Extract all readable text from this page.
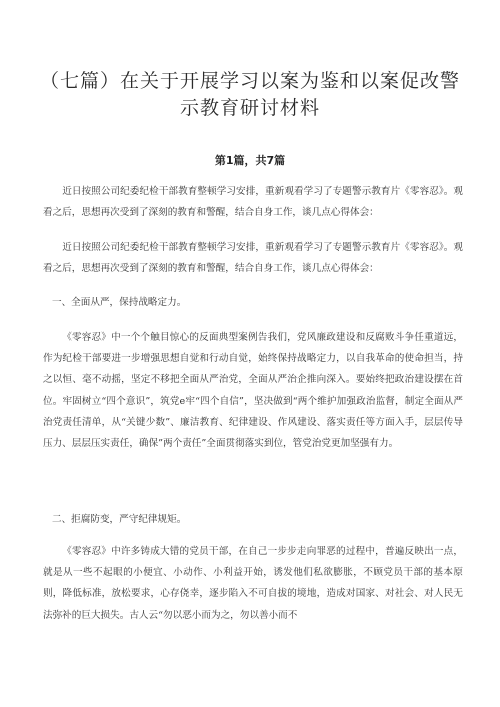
（七篇）在关于开展学习以案为鉴和以案促改警示教育研讨材料
第1篇，共7篇

近日按照公司纪委纪检干部教育整顿学习安排，重新观看学习了专题警示教育片《零容忍》。观看之后，思想再次受到了深刻的教育和警醒，结合自身工作，谈几点心得体会：

近日按照公司纪委纪检干部教育整顿学习安排，重新观看学习了专题警示教育片《零容忍》。观看之后，思想再次受到了深刻的教育和警醒，结合自身工作，谈几点心得体会：

一、全面从严，保持战略定力。

《零容忍》中一个个触目惊心的反面典型案例告我们，党风廉政建设和反腐败斗争任重道远，作为纪检干部要进一步增强思想自觉和行动自觉，始终保持战略定力，以自我革命的使命担当，持之以恒、毫不动摇，坚定不移把全面从严治党，全面从严治企推向深入。要始终把政治建设摆在首位。牢固树立“四个意识”，筑党e牢“四个自信”，坚决做到“两个维护加强政治监督，制定全面从严治党责任清单，从“关键少数”、廉洁教育、纪律建设、作风建设、落实责任等方面入手，层层传导压力、层层压实责任，确保”两个责任”全面贯彻落实到位，管党治党更加坚强有力。

二、拒腐防变，严守纪律规矩。

《零容忍》中许多铸成大错的党员干部，在自己一步步走向罪恶的过程中，普遍反映出一点，就是从一些不起眼的小便宜、小动作、小利益开始，诱发他们私欲膨胀，不顾党员干部的基本原则，降低标准，放松要求，心存侥幸，逐步陷入不可自拔的境地，造成对国家、对社会、对人民无法弥补的巨大损失。古人云“勿以恶小而为之，勿以善小而不
